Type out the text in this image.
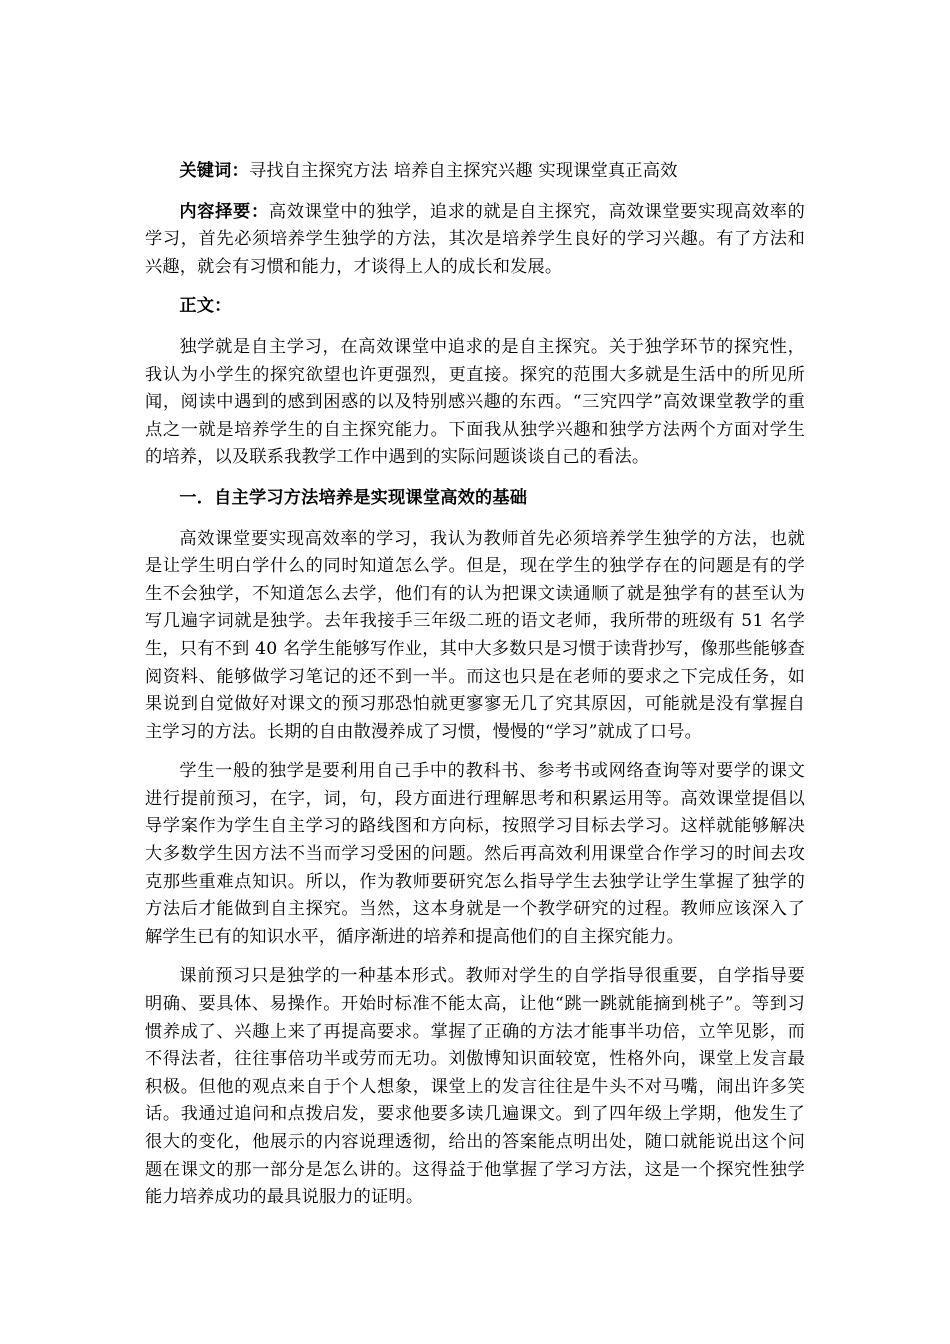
关键词：寻找自主探究方法 培养自主探究兴趣 实现课堂真正高效

内容择要：高效课堂中的独学，追求的就是自主探究，高效课堂要实现高效率的学习，首先必须培养学生独学的方法，其次是培养学生良好的学习兴趣。有了方法和兴趣，就会有习惯和能力，才谈得上人的成长和发展。

正文：

独学就是自主学习，在高效课堂中追求的是自主探究。关于独学环节的探究性，我认为小学生的探究欲望也许更强烈，更直接。探究的范围大多就是生活中的所见所闻，阅读中遇到的感到困惑的以及特别感兴趣的东西。“三究四学”高效课堂教学的重点之一就是培养学生的自主探究能力。下面我从独学兴趣和独学方法两个方面对学生的培养，以及联系我教学工作中遇到的实际问题谈谈自己的看法。

一．自主学习方法培养是实现课堂高效的基础

高效课堂要实现高效率的学习，我认为教师首先必须培养学生独学的方法，也就是让学生明白学什么的同时知道怎么学。但是，现在学生的独学存在的问题是有的学生不会独学，不知道怎么去学，他们有的认为把课文读通顺了就是独学有的甚至认为写几遍字词就是独学。去年我接手三年级二班的语文老师，我所带的班级有 51 名学生，只有不到 40 名学生能够写作业，其中大多数只是习惯于读背抄写，像那些能够查阅资料、能够做学习笔记的还不到一半。而这也只是在老师的要求之下完成任务，如果说到自觉做好对课文的预习那恐怕就更寥寥无几了究其原因，可能就是没有掌握自主学习的方法。长期的自由散漫养成了习惯，慢慢的“学习”就成了口号。

学生一般的独学是要利用自己手中的教科书、参考书或网络查询等对要学的课文进行提前预习，在字，词，句，段方面进行理解思考和积累运用等。高效课堂提倡以导学案作为学生自主学习的路线图和方向标，按照学习目标去学习。这样就能够解决大多数学生因方法不当而学习受困的问题。然后再高效利用课堂合作学习的时间去攻克那些重难点知识。所以，作为教师要研究怎么指导学生去独学让学生掌握了独学的方法后才能做到自主探究。当然，这本身就是一个教学研究的过程。教师应该深入了解学生已有的知识水平，循序渐进的培养和提高他们的自主探究能力。

课前预习只是独学的一种基本形式。教师对学生的自学指导很重要，自学指导要明确、要具体、易操作。开始时标准不能太高，让他“跳一跳就能摘到桃子”。等到习惯养成了、兴趣上来了再提高要求。掌握了正确的方法才能事半功倍，立竿见影，而不得法者，往往事倍功半或劳而无功。刘傲博知识面较宽，性格外向，课堂上发言最积极。但他的观点来自于个人想象，课堂上的发言往往是牛头不对马嘴，闹出许多笑话。我通过追问和点拨启发，要求他要多读几遍课文。到了四年级上学期，他发生了很大的变化，他展示的内容说理透彻，给出的答案能点明出处，随口就能说出这个问题在课文的那一部分是怎么讲的。这得益于他掌握了学习方法，这是一个探究性独学能力培养成功的最具说服力的证明。
